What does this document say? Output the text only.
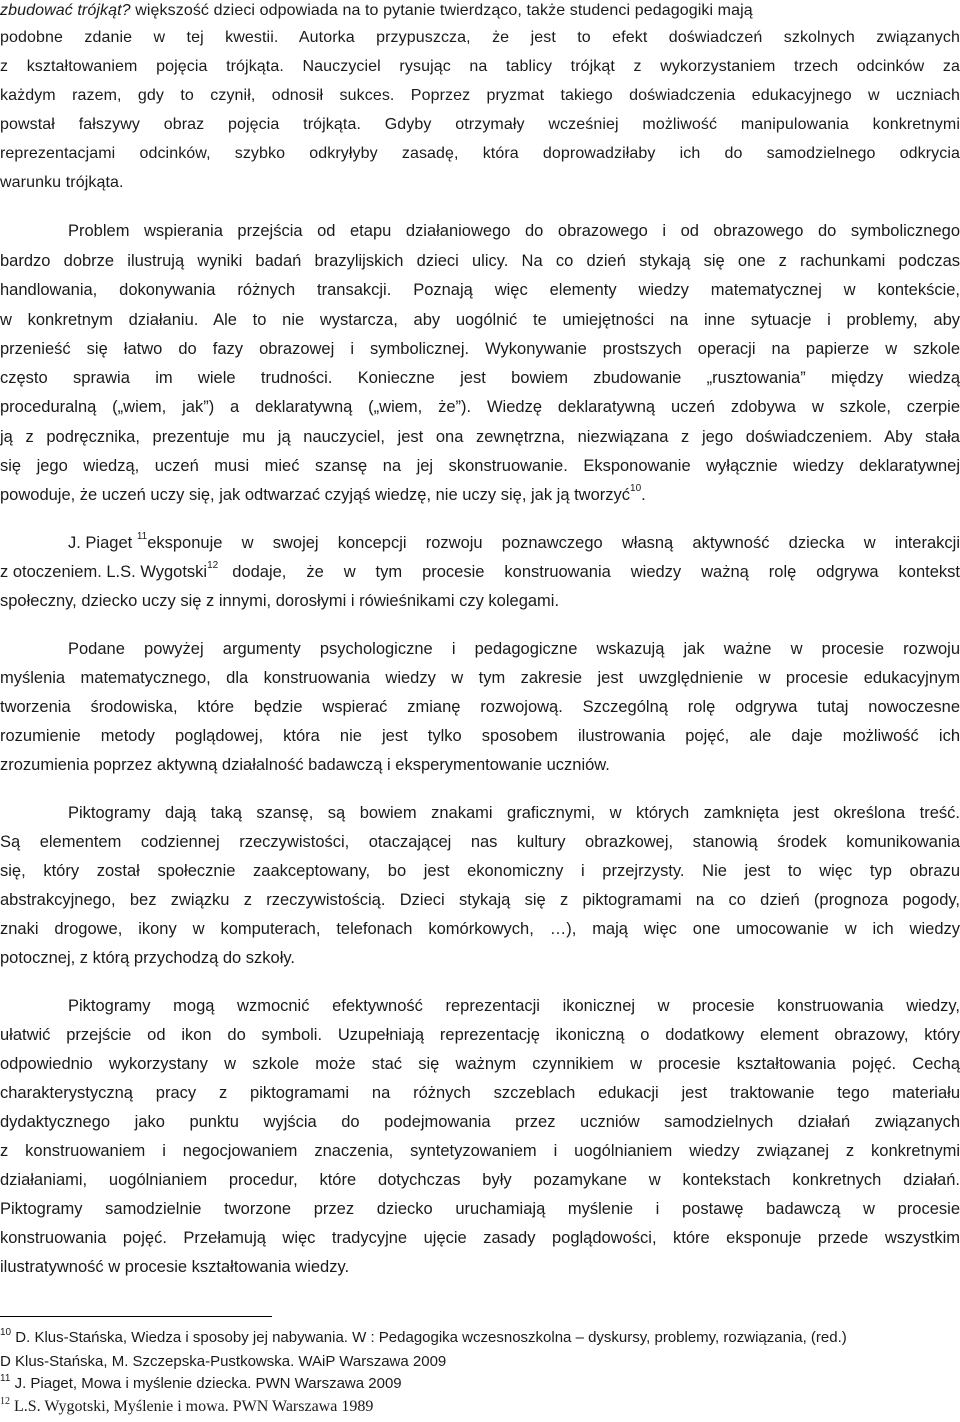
zbudować trójkąt? większość dzieci odpowiada na to pytanie twierdząco, także studenci pedagogiki mają
podobne zdanie w tej kwestii. Autorka przypuszcza, że jest to efekt doświadczeń szkolnych związanych
z kształtowaniem pojęcia trójkąta. Nauczyciel rysując na tablicy trójkąt z wykorzystaniem trzech odcinków za
każdym razem, gdy to czynił, odnosił sukces. Poprzez pryzmat takiego doświadczenia edukacyjnego w uczniach
powstał fałszywy obraz pojęcia trójkąta. Gdyby otrzymały wcześniej możliwość manipulowania konkretnymi
reprezentacjami odcinków, szybko odkryłyby zasadę, która doprowadziłaby ich do samodzielnego odkrycia
warunku trójkąta.
Problem wspierania przejścia od etapu działaniowego do obrazowego i od obrazowego do symbolicznego
bardzo dobrze ilustrują wyniki badań brazylijskich dzieci ulicy. Na co dzień stykają się one z rachunkami podczas
handlowania, dokonywania różnych transakcji. Poznają więc elementy wiedzy matematycznej w kontekście,
w konkretnym działaniu. Ale to nie wystarcza, aby uogólnić te umiejętności na inne sytuacje i problemy, aby
przenieść się łatwo do fazy obrazowej i symbolicznej. Wykonywanie prostszych operacji na papierze w szkole
często sprawia im wiele trudności. Konieczne jest bowiem zbudowanie „rusztowania” między wiedzą
proceduralną („wiem, jak”) a deklaratywną („wiem, że”). Wiedzę deklaratywną uczeń zdobywa w szkole, czerpie
ją z podręcznika, prezentuje mu ją nauczyciel, jest ona zewnętrzna, niezwiązana z jego doświadczeniem. Aby stała
się jego wiedzą, uczeń musi mieć szansę na jej skonstruowanie. Eksponowanie wyłącznie wiedzy deklaratywnej
powoduje, że uczeń uczy się, jak odtwarzać czyjąś wiedzę, nie uczy się, jak ją tworzyć$^{10}$.
J. Piaget $^{11}$ eksponuje w swojej koncepcji rozwoju poznawczego własną aktywność dziecka w interakcji
z otoczeniem. L.S. Wygotski$^{12}$ dodaje, że w tym procesie konstruowania wiedzy ważną rolę odgrywa kontekst
społeczny, dziecko uczy się z innymi, dorosłymi i rówieśnikami czy kolegami.
Podane powyżej argumenty psychologiczne i pedagogiczne wskazują jak ważne w procesie rozwoju
myślenia matematycznego, dla konstruowania wiedzy w tym zakresie jest uwzględnienie w procesie edukacyjnym
tworzenia środowiska, które będzie wspierać zmianę rozwojową. Szczególną rolę odgrywa tutaj nowoczesne
rozumienie metody poglądowej, która nie jest tylko sposobem ilustrowania pojęć, ale daje możliwość ich
zrozumienia poprzez aktywną działalność badawczą i eksperymentowanie uczniów.
Piktogramy dają taką szansę, są bowiem znakami graficznymi, w których zamknięta jest określona treść.
Są elementem codziennej rzeczywistości, otaczającej nas kultury obrazkowej, stanowią środek komunikowania
się, który został społecznie zaakceptowany, bo jest ekonomiczny i przejrzysty. Nie jest to więc typ obrazu
abstrakcyjnego, bez związku z rzeczywistością. Dzieci stykają się z piktogramami na co dzień (prognoza pogody,
znaki drogowe, ikony w komputerach, telefonach komórkowych, …), mają więc one umocowanie w ich wiedzy
potocznej, z którą przychodzą do szkoły.
Piktogramy mogą wzmocnić efektywność reprezentacji ikonicznej w procesie konstruowania wiedzy,
ułatwić przejście od ikon do symboli. Uzupełniają reprezentację ikoniczną o dodatkowy element obrazowy, który
odpowiednio wykorzystany w szkole może stać się ważnym czynnikiem w procesie kształtowania pojęć. Cechą
charakterystyczną pracy z piktogramami na różnych szczeblach edukacji jest traktowanie tego materiału
dydaktycznego jako punktu wyjścia do podejmowania przez uczniów samodzielnych działań związanych
z konstruowaniem i negocjowaniem znaczenia, syntetyzowaniem i uogólnianiem wiedzy związanej z konkretnymi
działaniami, uogólnianiem procedur, które dotychczas były pozamykane w kontekstach konkretnych działań.
Piktogramy samodzielnie tworzone przez dziecko uruchamiają myślenie i postawę badawczą w procesie
konstruowania pojęć. Przełamują więc tradycyjne ujęcie zasady poglądowości, które eksponuje przede wszystkim
ilustratywność w procesie kształtowania wiedzy.
$^{10}$ D. Klus-Stańska, Wiedza i sposoby jej nabywania. W : Pedagogika wczesnoszkolna – dyskursy, problemy, rozwiązania, (red.)
D Klus-Stańska, M. Szczepska-Pustkowska. WAiP Warszawa 2009
$^{11}$ J. Piaget, Mowa i myślenie dziecka. PWN Warszawa 2009
$^{12}$ L.S. Wygotski, Myślenie i mowa. PWN Warszawa 1989
